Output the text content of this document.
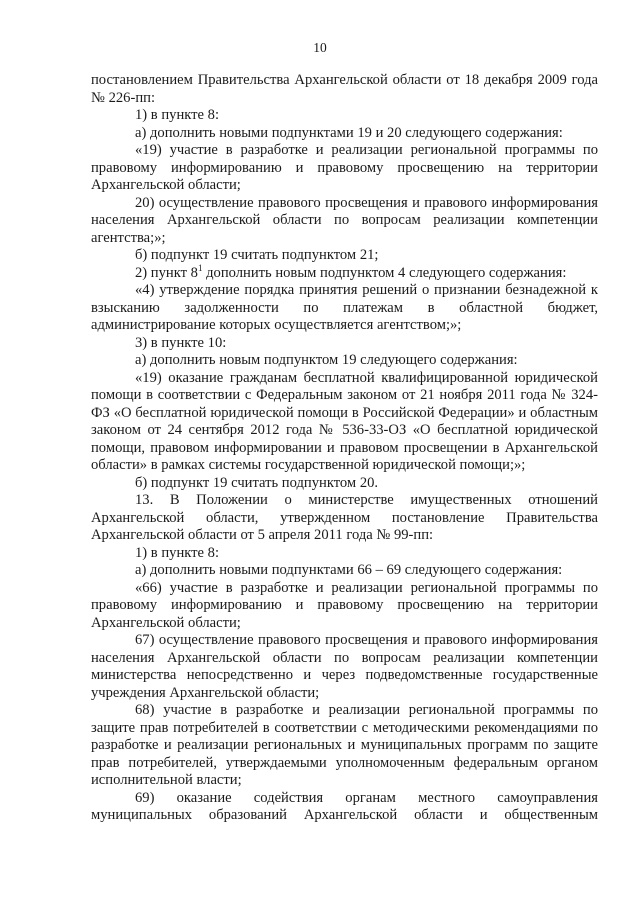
10

постановлением Правительства Архангельской области от 18 декабря 2009 года № 226-пп:

1) в пункте 8:

а) дополнить новыми подпунктами 19 и 20 следующего содержания:

«19) участие в разработке и реализации региональной программы по правовому информированию и правовому просвещению на территории Архангельской области;

20) осуществление правового просвещения и правового информирования населения Архангельской области по вопросам реализации компетенции агентства;»;

б) подпункт 19 считать подпунктом 21;

2) пункт $8^1$ дополнить новым подпунктом 4 следующего содержания:

«4) утверждение порядка принятия решений о признании безнадежной к взысканию задолженности по платежам в областной бюджет, администрирование которых осуществляется агентством;»;

3) в пункте 10:

а) дополнить новым подпунктом 19 следующего содержания:

«19) оказание гражданам бесплатной квалифицированной юридической помощи в соответствии с Федеральным законом от 21 ноября 2011 года № 324-ФЗ «О бесплатной юридической помощи в Российской Федерации» и областным законом от 24 сентября 2012 года № 536-33-ОЗ «О бесплатной юридической помощи, правовом информировании и правовом просвещении в Архангельской области» в рамках системы государственной юридической помощи;»;

б) подпункт 19 считать подпунктом 20.

13. В Положении о министерстве имущественных отношений Архангельской области, утвержденном постановление Правительства Архангельской области от 5 апреля 2011 года № 99-пп:

1) в пункте 8:

а) дополнить новыми подпунктами 66 – 69 следующего содержания:

«66) участие в разработке и реализации региональной программы по правовому информированию и правовому просвещению на территории Архангельской области;

67) осуществление правового просвещения и правового информирования населения Архангельской области по вопросам реализации компетенции министерства непосредственно и через подведомственные государственные учреждения Архангельской области;

68) участие в разработке и реализации региональной программы по защите прав потребителей в соответствии с методическими рекомендациями по разработке и реализации региональных и муниципальных программ по защите прав потребителей, утверждаемыми уполномоченным федеральным органом исполнительной власти;

69) оказание содействия органам местного самоуправления муниципальных образований Архангельской области и общественным
